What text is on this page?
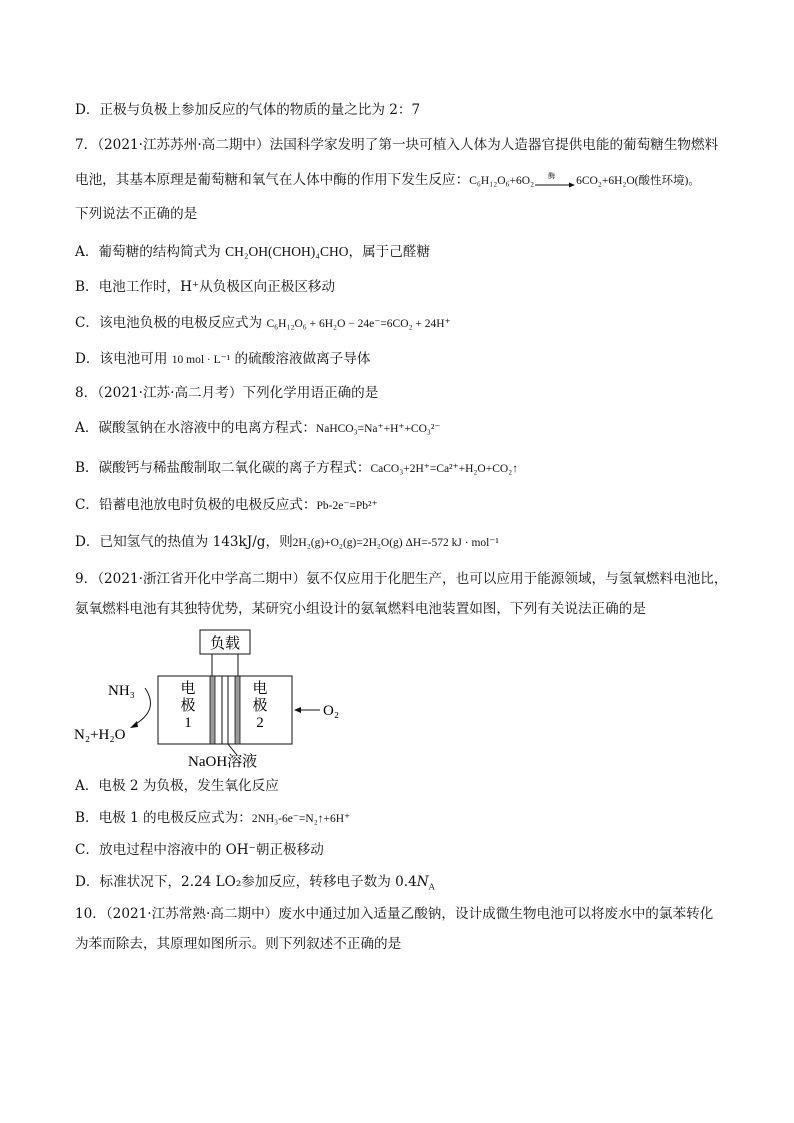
D．正极与负极上参加反应的气体的物质的量之比为 2：7
7．（2021·江苏苏州·高二期中）法国科学家发明了第一块可植入人体为人造器官提供电能的葡萄糖生物燃料
电池，其基本原理是葡萄糖和氧气在人体中酶的作用下发生反应：C₆H₁₂O₆+6O₂ 酶 6CO₂+6H₂O(酸性环境)。
下列说法不正确的是
A．葡萄糖的结构简式为 CH₂OH(CHOH)₄CHO，属于己醛糖
B．电池工作时，H⁺从负极区向正极区移动
C．该电池负极的电极反应式为 C₆H₁₂O₆ + 6H₂O − 24e⁻=6CO₂ + 24H⁺
D．该电池可用 10 mol · L⁻¹ 的硫酸溶液做离子导体
8．（2021·江苏·高二月考）下列化学用语正确的是
A．碳酸氢钠在水溶液中的电离方程式：NaHCO₃=Na⁺+H⁺+CO₃²⁻
B．碳酸钙与稀盐酸制取二氧化碳的离子方程式：CaCO₃+2H⁺=Ca²⁺+H₂O+CO₂↑
C．铅蓄电池放电时负极的电极反应式：Pb-2e⁻=Pb²⁺
D．已知氢气的热值为 143kJ/g，则2H₂(g)+O₂(g)=2H₂O(g) ΔH=-572 kJ · mol⁻¹
9．（2021·浙江省开化中学高二期中）氨不仅应用于化肥生产，也可以应用于能源领域，与氢氧燃料电池比，
氨氧燃料电池有其独特优势，某研究小组设计的氨氧燃料电池装置如图，下列有关说法正确的是
负载
电
极
1
电
极
2
NH₃
N₂+H₂O
O₂
NaOH溶液
A．电极 2 为负极，发生氧化反应
B．电极 1 的电极反应式为：2NH₃-6e⁻=N₂↑+6H⁺
C．放电过程中溶液中的 OH⁻朝正极移动
D．标准状况下，2.24 LO₂参加反应，转移电子数为 $0.4N_A$
10．（2021·江苏常熟·高二期中）废水中通过加入适量乙酸钠，设计成微生物电池可以将废水中的氯苯转化
为苯而除去，其原理如图所示。则下列叙述不正确的是
